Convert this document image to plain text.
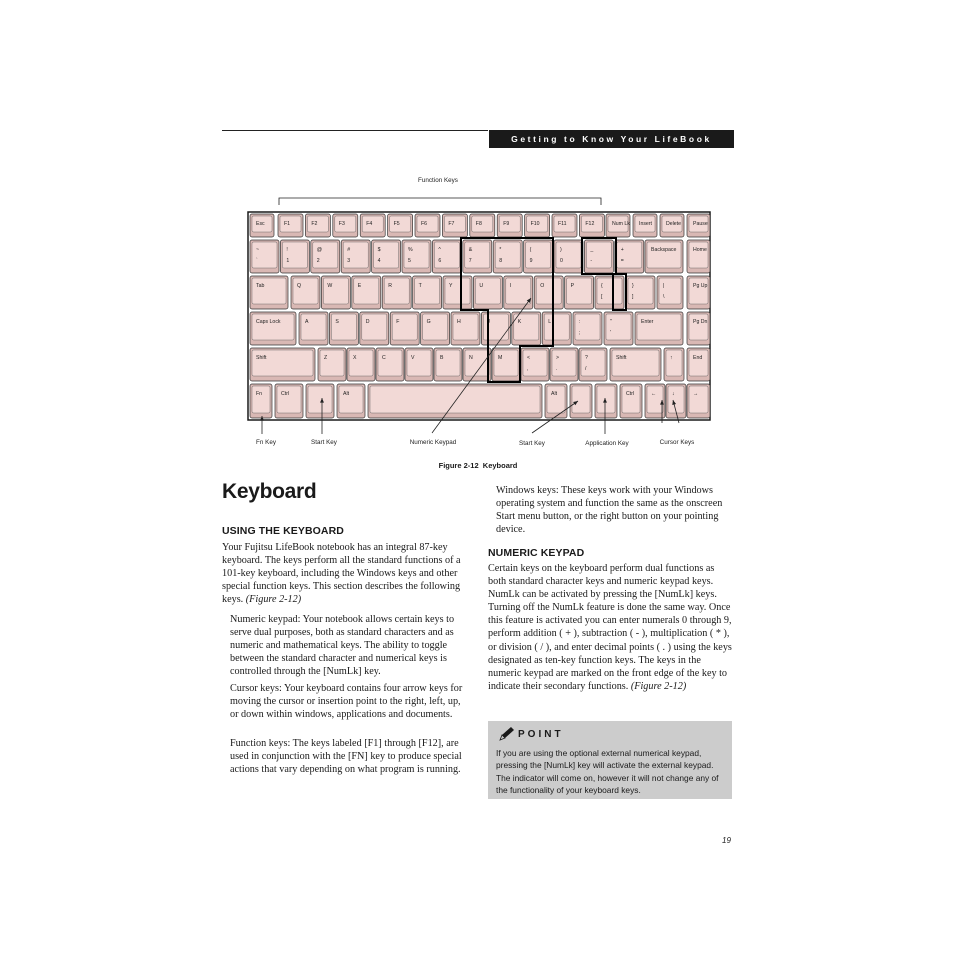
Getting to Know Your LifeBook
Esc	F1	F2	F3	F4	F5	F6	F7	F8	F9	F10	F11	F12	Num Lk Insert	Delete Pause
~
`
!
1
@
2
#
3
$
4
%
5
^
6
&
7
*
8
(
9
)
0
_
-
+
=
Backspace	Home
Tab	Q	W	E	R	T	Y	U	I	O	P	{
[
}
]
|
\
Pg Up
Caps Lock	A	S	D	F	G	H	J	K	L	:
;
"
'
Enter	Pg Dn
Shift	Z	X	C	V	B	N	M	<
,
>
.
?
/
Shift	↑	End
Fn	Ctrl	Alt	Alt	Ctrl	←	↓	→
Function Keys
Fn Key	Start Key	Numeric Keypad	Start Key	Application Key	Cursor Keys
Figure 2-12 Keyboard
Keyboard
USING THE KEYBOARD

Your Fujitsu LifeBook notebook has an integral 87-key keyboard. The keys perform all the standard functions of a 101-key keyboard, including the Windows keys and other special function keys. This section describes the following keys. (Figure 2-12)

Numeric keypad: Your notebook allows certain keys to serve dual purposes, both as standard characters and as numeric and mathematical keys. The ability to toggle between the standard character and numerical keys is controlled through the [NumLk] key.

Cursor keys: Your keyboard contains four arrow keys for moving the cursor or insertion point to the right, left, up, or down within windows, applications and documents.

Function keys: The keys labeled [F1] through [F12], are used in conjunction with the [FN] key to produce special actions that vary depending on what program is running.

Windows keys: These keys work with your Windows operating system and function the same as the onscreen Start menu button, or the right button on your pointing device.

NUMERIC KEYPAD

Certain keys on the keyboard perform dual functions as both standard character keys and numeric keypad keys. NumLk can be activated by pressing the [NumLk] keys. Turning off the NumLk feature is done the same way. Once this feature is activated you can enter numerals 0 through 9, perform addition ( + ), subtraction ( - ), multiplication ( * ), or division ( / ), and enter decimal points ( . ) using the keys designated as ten-key function keys. The keys in the numeric keypad are marked on the front edge of the key to indicate their secondary functions. (Figure 2-12)

POINT
If you are using the optional external numerical keypad, pressing the [NumLk] key will activate the external keypad. The indicator will come on, however it will not change any of the functionality of your keyboard keys.
19
